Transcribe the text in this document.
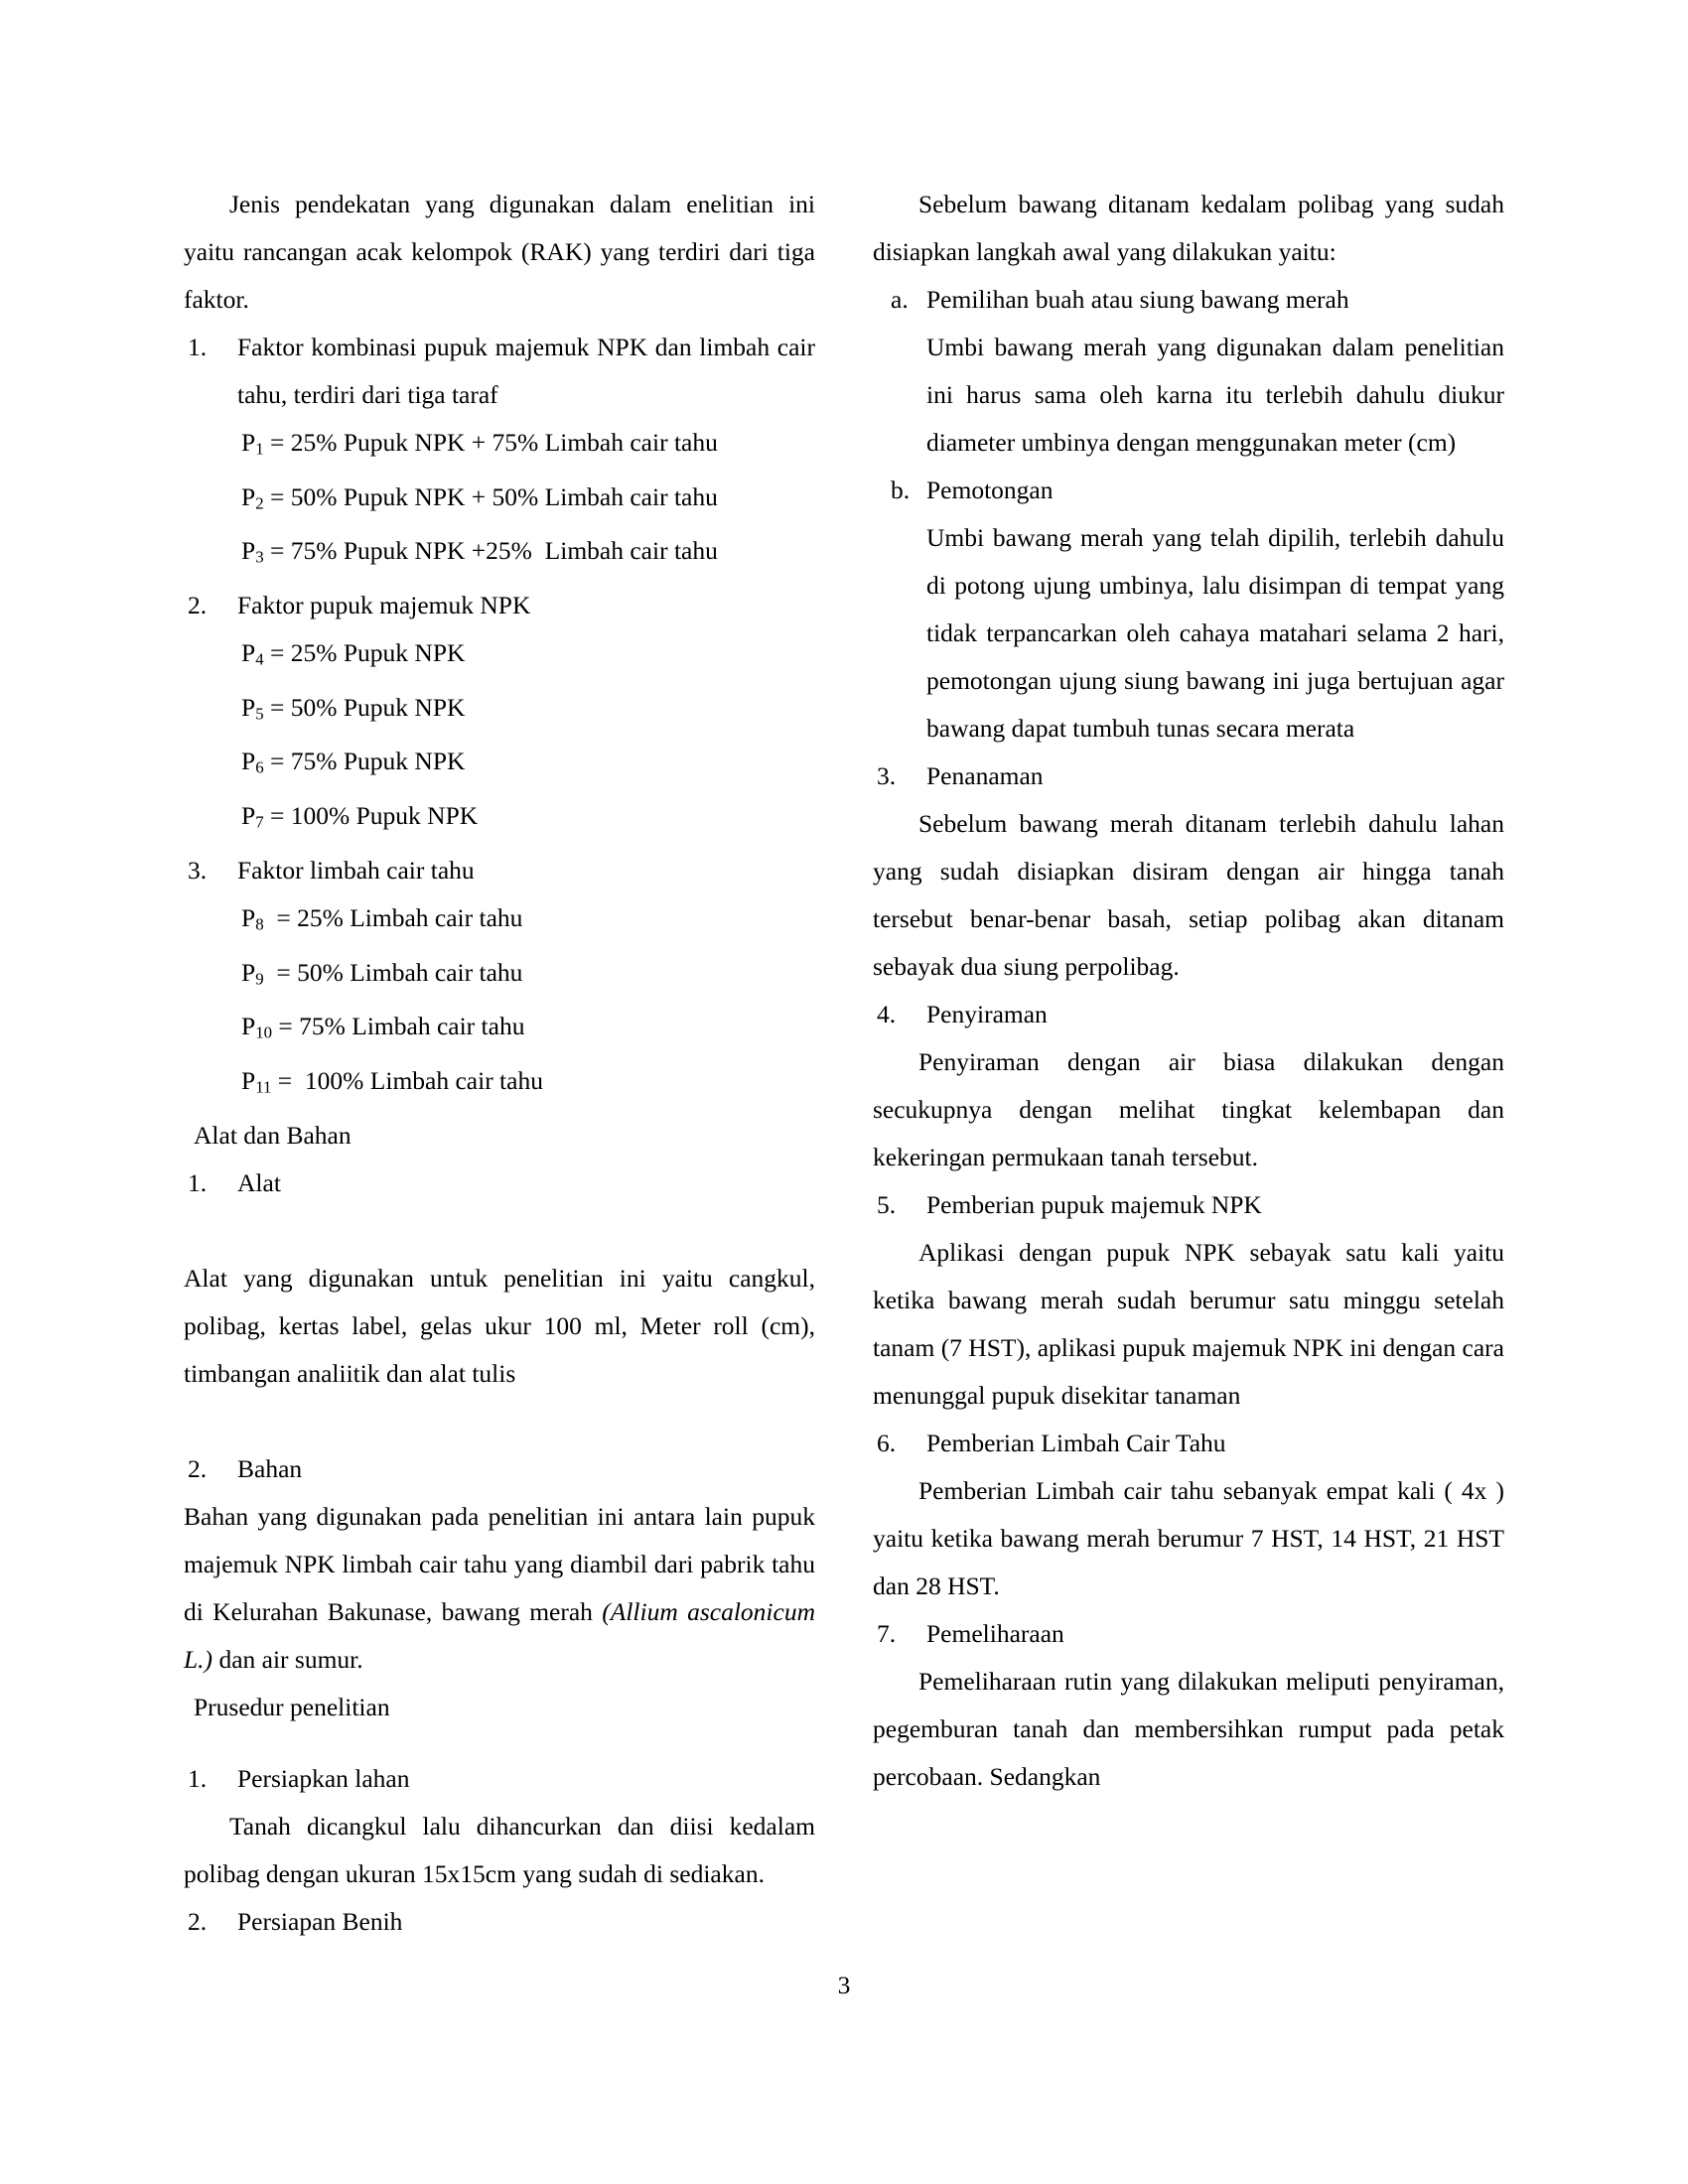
Jenis pendekatan yang digunakan dalam enelitian ini yaitu rancangan acak kelompok (RAK) yang terdiri dari tiga faktor.

1.	Faktor kombinasi pupuk majemuk NPK dan limbah cair tahu, terdiri dari tiga taraf
$P_1 = 25\%$ Pupuk NPK + 75% Limbah cair tahu
$P_2 = 50\%$ Pupuk NPK + 50% Limbah cair tahu
$P_3 = 75\%$ Pupuk NPK +25%  Limbah cair tahu
2.	Faktor pupuk majemuk NPK
$P_4 = 25\%$ Pupuk NPK
$P_5 = 50\%$ Pupuk NPK
$P_6 = 75\%$ Pupuk NPK
$P_7 = 100\%$ Pupuk NPK
3.	Faktor limbah cair tahu
$P_8 = 25\%$ Limbah cair tahu
$P_9 = 50\%$ Limbah cair tahu
$P_{10} = 75\%$ Limbah cair tahu
$P_{11} = 100\%$ Limbah cair tahu
Alat dan Bahan
1.	Alat

Alat yang digunakan untuk penelitian ini yaitu cangkul, polibag, kertas label, gelas ukur 100 ml, Meter roll (cm), timbangan analiitik dan alat tulis

2.	Bahan

Bahan yang digunakan pada penelitian ini antara lain pupuk majemuk NPK limbah cair tahu yang diambil dari pabrik tahu di Kelurahan Bakunase, bawang merah (Allium ascalonicum L.) dan air sumur.

Prusedur penelitian
1.	Persiapkan lahan

Tanah dicangkul lalu dihancurkan dan diisi kedalam polibag dengan ukuran 15x15cm yang sudah di sediakan.

2.	Persiapan Benih

Sebelum bawang ditanam kedalam polibag yang sudah disiapkan langkah awal yang dilakukan yaitu:

a. Pemilihan buah atau siung bawang merah
Umbi bawang merah yang digunakan dalam penelitian ini harus sama oleh karna itu terlebih dahulu diukur diameter umbinya dengan menggunakan meter (cm)
b. Pemotongan
Umbi bawang merah yang telah dipilih, terlebih dahulu di potong ujung umbinya, lalu disimpan di tempat yang tidak terpancarkan oleh cahaya matahari selama 2 hari, pemotongan ujung siung bawang ini juga bertujuan agar bawang dapat tumbuh tunas secara merata
3.	Penanaman

Sebelum bawang merah ditanam terlebih dahulu lahan yang sudah disiapkan disiram dengan air hingga tanah tersebut benar-benar basah, setiap polibag akan ditanam sebayak dua siung perpolibag.

4.	Penyiraman

Penyiraman dengan air biasa dilakukan dengan secukupnya dengan melihat tingkat kelembapan dan kekeringan permukaan tanah tersebut.

5.	Pemberian pupuk majemuk NPK

Aplikasi dengan pupuk NPK sebayak satu kali yaitu ketika bawang merah sudah berumur satu minggu setelah tanam (7 HST), aplikasi pupuk majemuk NPK ini dengan cara menunggal pupuk disekitar tanaman

6.	Pemberian Limbah Cair Tahu

Pemberian Limbah cair tahu sebanyak empat kali ( 4x ) yaitu ketika bawang merah berumur 7 HST, 14 HST, 21 HST dan 28 HST.

7.	Pemeliharaan

Pemeliharaan rutin yang dilakukan meliputi penyiraman, pegemburan tanah dan membersihkan rumput pada petak percobaan. Sedangkan

3
